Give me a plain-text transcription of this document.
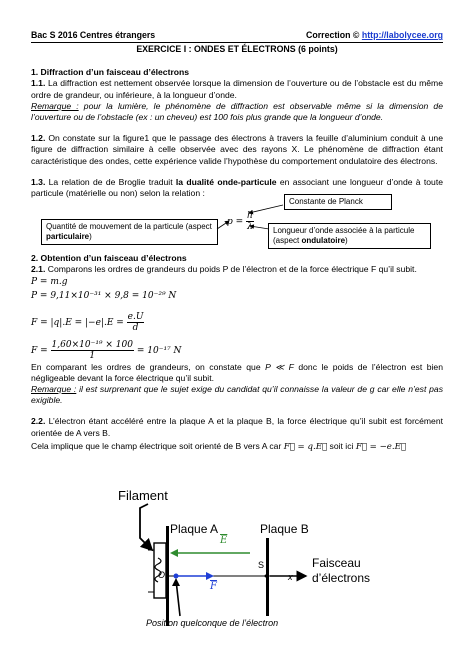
Bac S 2016 Centres étrangers	Correction © http://labolycee.org
EXERCICE I : ONDES ET ÉLECTRONS (6 points)
1. Diffraction d’un faisceau d’électrons

1.1. La diffraction est nettement observée lorsque la dimension de l’ouverture ou de l’obstacle est du même ordre de grandeur, ou inférieure, à la longueur d’onde.

Remarque : pour la lumière, le phénomène de diffraction est observable même si la dimension de l’ouverture ou de l’obstacle (ex : un cheveu) est 100 fois plus grande que la longueur d’onde.

1.2. On constate sur la figure1 que le passage des électrons à travers la feuille d’aluminium conduit à une figure de diffraction similaire à celle observée avec des rayons X. Le phénomène de diffraction étant caractéristique des ondes, cette expérience valide l’hypothèse du comportement ondulatoire des électrons.

1.3. La relation de de Broglie traduit la dualité onde-particule en associant une longueur d’onde à toute particule (matérielle ou non) selon la relation :

Quantité de mouvement de la particule (aspect particulaire)
$p = \frac{h}{\lambda}$
Constante de Planck
Longueur d’onde associée à la particule (aspect ondulatoire)
2. Obtention d’un faisceau d’électrons

2.1. Comparons les ordres de grandeurs du poids P de l’électron et de la force électrique F qu’il subit.

P = m.g
P = 9,11×10⁻³¹ × 9,8 = 10⁻²⁹ N
$F = |q|.E = |-e|.E = \frac{e.U}{d}$
$F = \frac{\text{1,60×10⁻¹⁹ × 100}}{1} = 10^{-17}$ N

En comparant les ordres de grandeurs, on constate que P ≪ F donc le poids de l’électron est bien négligeable devant la force électrique qu’il subit.

Remarque : il est surprenant que le sujet exige du candidat qu’il connaisse la valeur de g car elle n’est pas exigible.

2.2. L’électron étant accéléré entre la plaque A et la plaque B, la force électrique qu’il subit est forcément orientée de A vers B.

Cela implique que le champ électrique soit orienté de B vers A car F⃗ = q.E⃗ soit ici F⃗ = −e.E⃗

Filament
Plaque A	Plaque B
Faisceau
d’électrons
$\overline{E}$
$\overline{F}$
O
S
x
Position quelconque de l’électron
